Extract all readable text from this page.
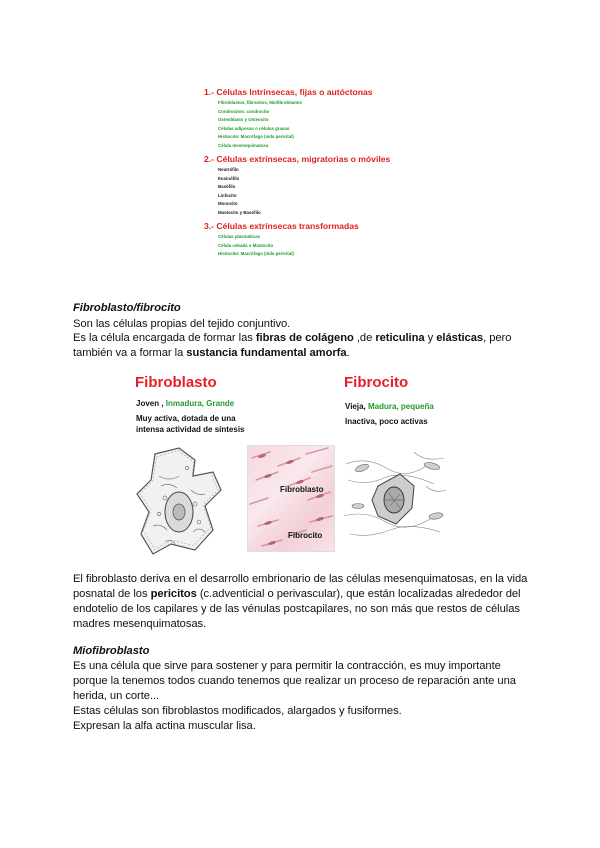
1.- Células Intrínsecas, fijas o autóctonas
Fibroblastos, fibrocitos, Miofibroblastos
Condrocitos: condrocito
Osteoblasto y Osteocito
Células adiposas o células grasas
Histiocito: Macrófago (vida pericital)
Célula mesenquimatosa
2.- Células extrínsecas, migratorias o móviles
Neutrófilo
Eosinófilo
Basófilo
Linfocito
Monocito
Mastocito y Basófilo
3.- Células extrínsecas transformadas
Células plasmáticas
Célula cebada o Mastocito
Histiocito: Macrófago (vida pericital)
Fibroblasto/fibrocito
Son las células propias del tejido conjuntivo.
Es la célula encargada de formar las fibras de colágeno ,de reticulina y elásticas, pero
también va a formar la sustancia fundamental amorfa.
Fibroblasto
Joven , Inmadura, Grande
Muy activa, dotada de una
intensa actividad de síntesis
Fibrocito
Vieja, Madura, pequeña
Inactiva, poco activas
Fibroblasto
Fibrocito
El fibroblasto deriva en el desarrollo embrionario de las células mesenquimatosas, en la vida
posnatal de los pericitos (c.adventicial o perivascular), que están localizadas alrededor del
endotelio de los capilares y de las vénulas postcapilares, no son más que restos de células
madres mesenquimatosas.
Miofibroblasto
Es una célula que sirve para sostener y para permitir la contracción, es muy importante
porque la tenemos todos cuando tenemos que realizar un proceso de reparación ante una
herida, un corte...
Estas células son fibroblastos modificados, alargados y fusiformes.
Expresan la alfa actina muscular lisa.
